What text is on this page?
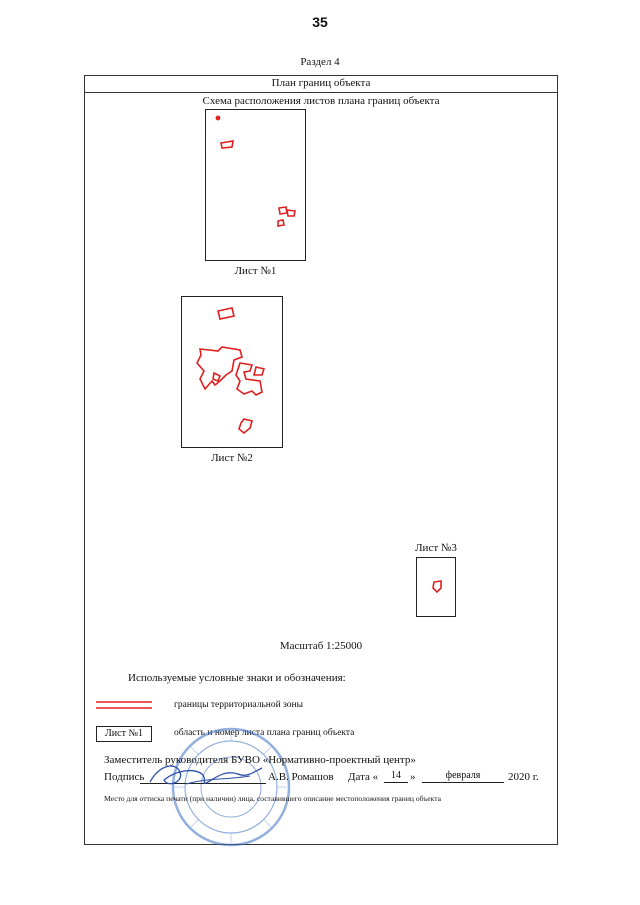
35
Раздел 4
План границ объекта
Схема расположения листов плана границ объекта
Лист №1
Лист №2
Лист №3
Масштаб 1:25000
Используемые условные знаки и обозначения:
границы территориальной зоны
Лист №1	область и номер листа плана границ объекта
Заместитель руководителя БУВО «Нормативно-проектный центр»
Подпись	А.В. Ромашов Дата «	14 »	февраля	2020 г.
Место для оттиска печати (при наличии) лица, составившего описание местоположения границ объекта
